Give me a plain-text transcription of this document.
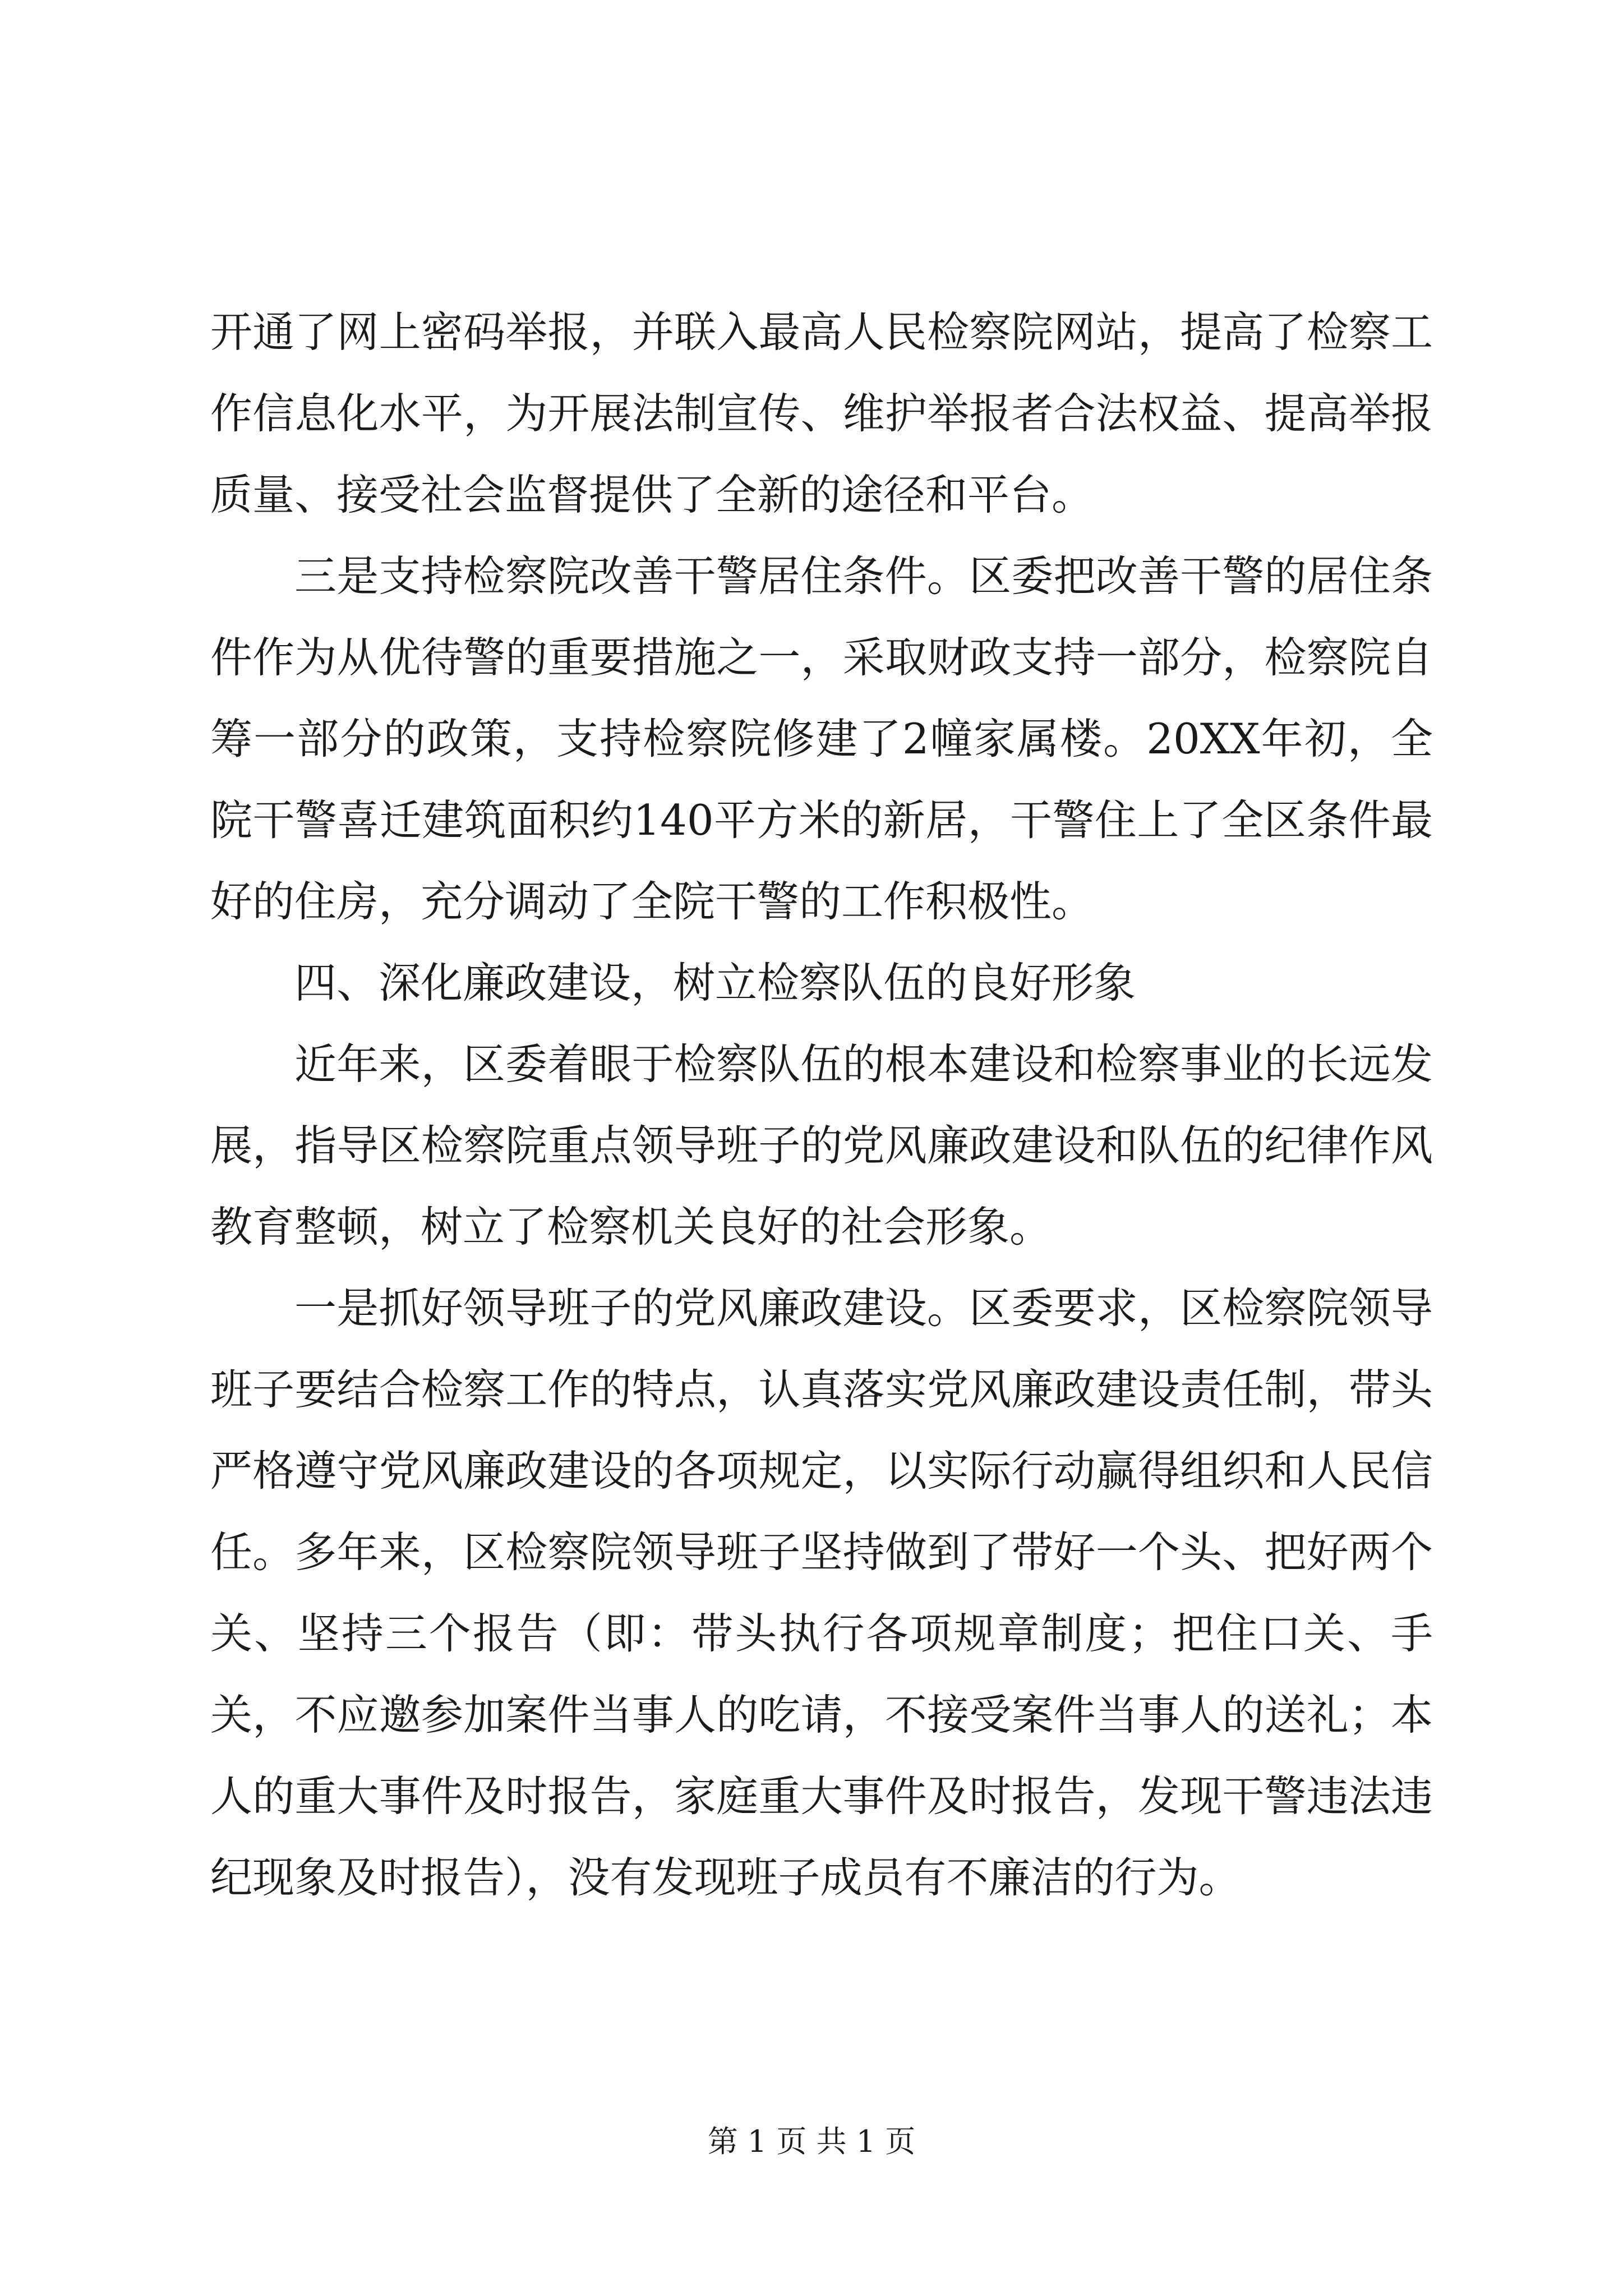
开通了网上密码举报，并联入最高人民检察院网站，提高了检察工作信息化水平，为开展法制宣传、维护举报者合法权益、提高举报质量、接受社会监督提供了全新的途径和平台。

三是支持检察院改善干警居住条件。区委把改善干警的居住条件作为从优待警的重要措施之一，采取财政支持一部分，检察院自筹一部分的政策，支持检察院修建了2幢家属楼。20XX年初，全院干警喜迁建筑面积约140平方米的新居，干警住上了全区条件最好的住房，充分调动了全院干警的工作积极性。

四、深化廉政建设，树立检察队伍的良好形象

近年来，区委着眼于检察队伍的根本建设和检察事业的长远发展，指导区检察院重点领导班子的党风廉政建设和队伍的纪律作风教育整顿，树立了检察机关良好的社会形象。

一是抓好领导班子的党风廉政建设。区委要求，区检察院领导班子要结合检察工作的特点，认真落实党风廉政建设责任制，带头严格遵守党风廉政建设的各项规定，以实际行动赢得组织和人民信任。多年来，区检察院领导班子坚持做到了带好一个头、把好两个关、坚持三个报告（即：带头执行各项规章制度；把住口关、手关，不应邀参加案件当事人的吃请，不接受案件当事人的送礼；本人的重大事件及时报告，家庭重大事件及时报告，发现干警违法违纪现象及时报告），没有发现班子成员有不廉洁的行为。

第 1 页 共 1 页
